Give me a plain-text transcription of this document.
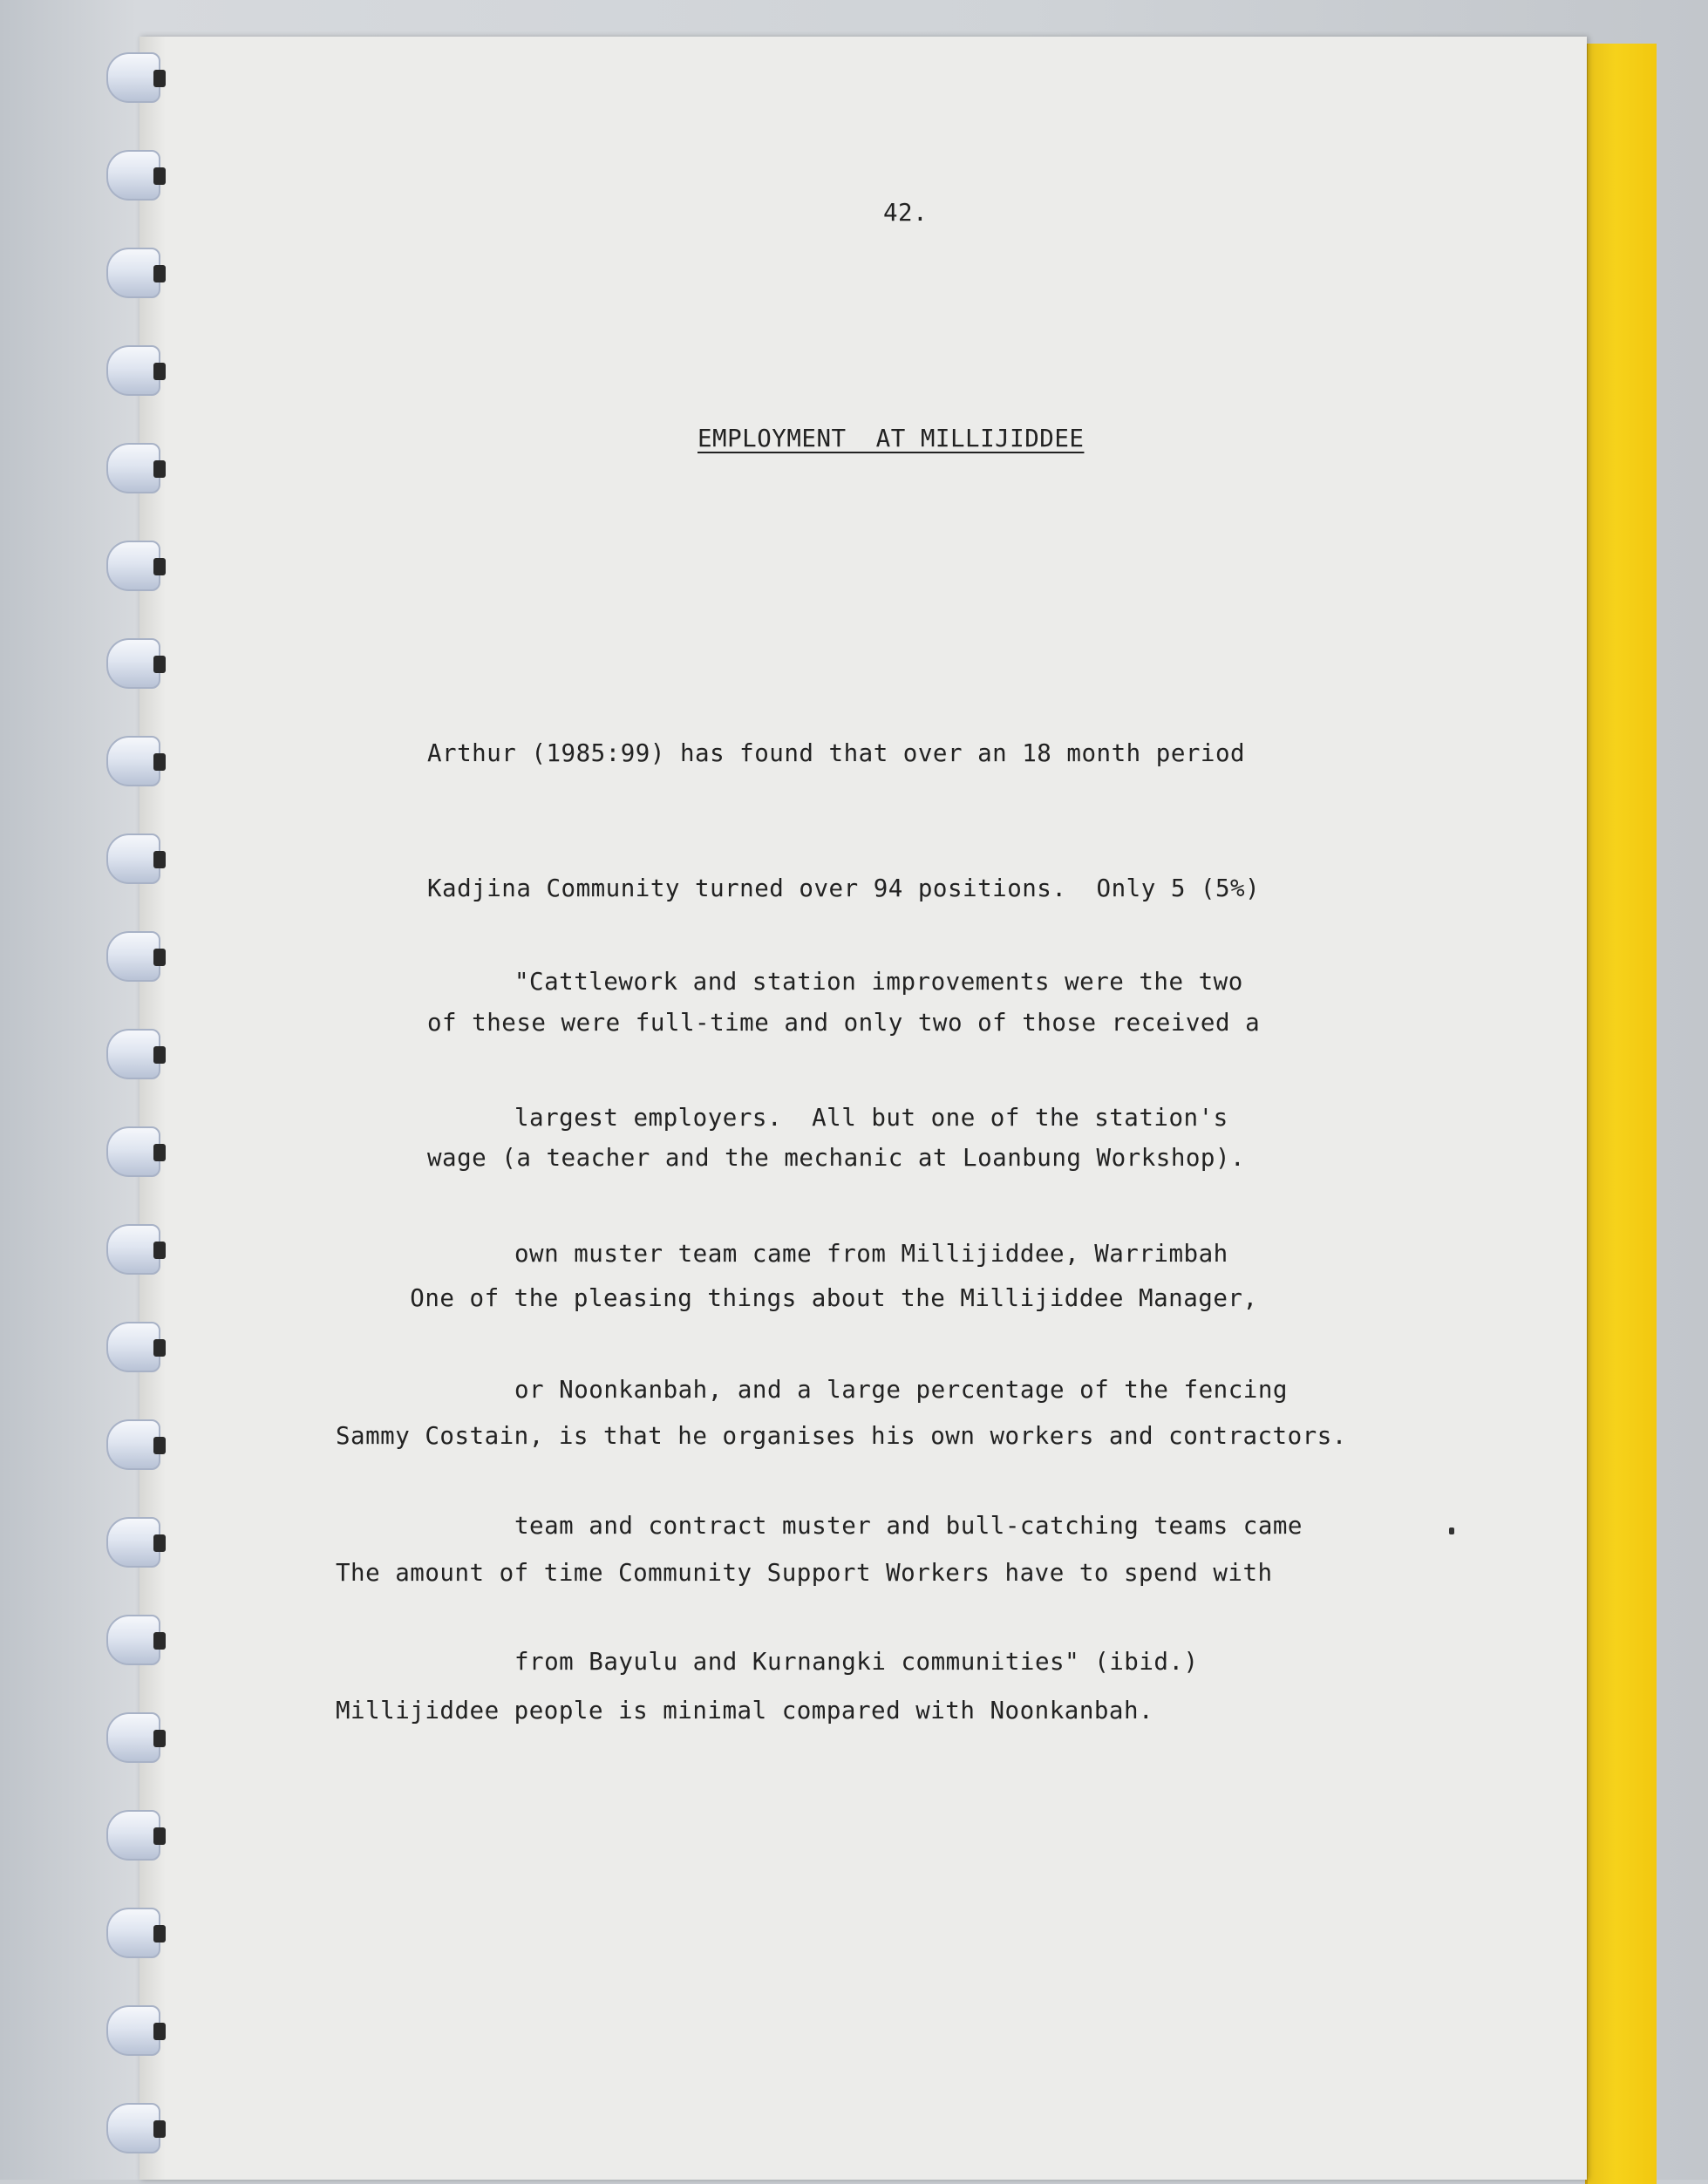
42.
EMPLOYMENT  AT MILLIJIDDEE

Arthur (1985:99) has found that over an 18 month period

Kadjina Community turned over 94 positions.  Only 5 (5%)

of these were full-time and only two of those received a

wage (a teacher and the mechanic at Loanbung Workshop).

"Cattlework and station improvements were the two

largest employers.  All but one of the station's

own muster team came from Millijiddee, Warrimbah

or Noonkanbah, and a large percentage of the fencing

team and contract muster and bull-catching teams came

from Bayulu and Kurnangki communities" (ibid.)

One of the pleasing things about the Millijiddee Manager,

Sammy Costain, is that he organises his own workers and contractors.

The amount of time Community Support Workers have to spend with

Millijiddee people is minimal compared with Noonkanbah.
